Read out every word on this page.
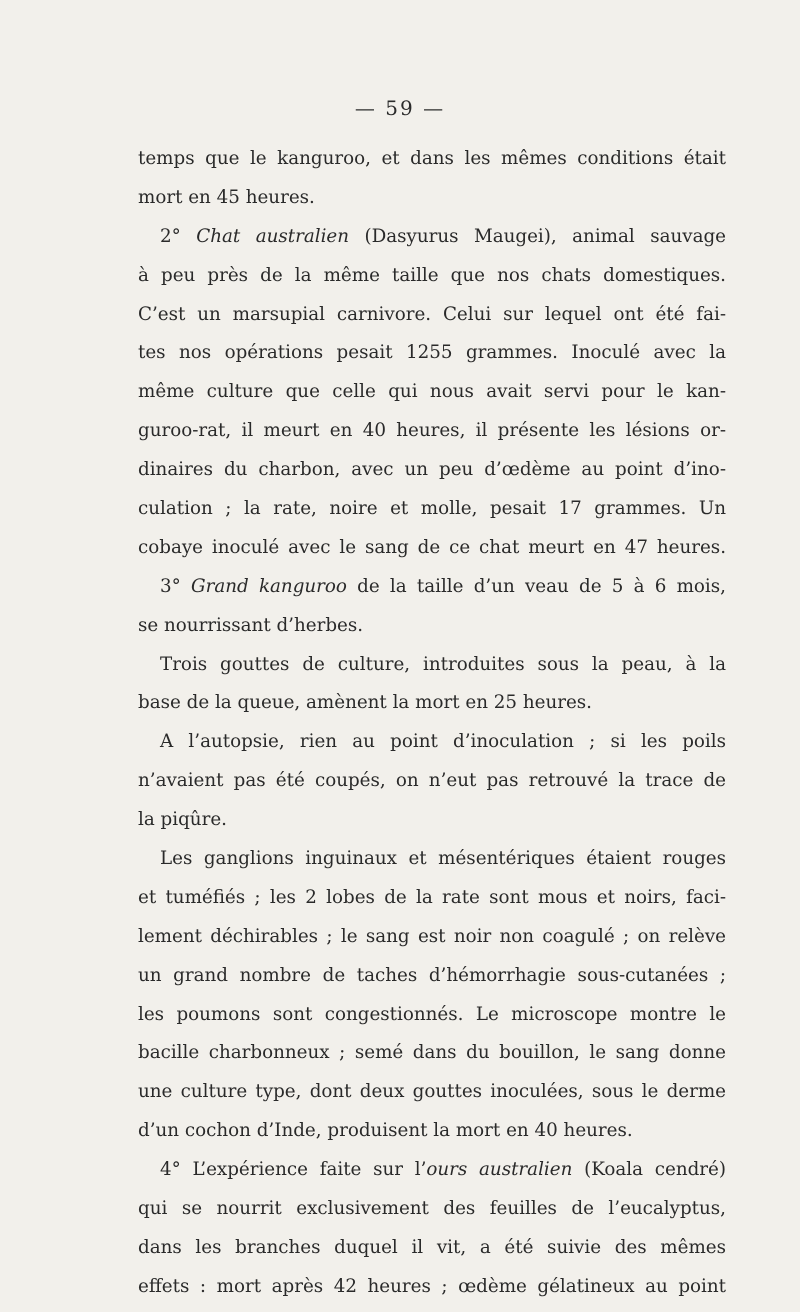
— 59 —
temps que le kanguroo, et dans les mêmes conditions était
mort en 45 heures.
2° Chat australien (Dasyurus Maugei), animal sauvage
à peu près de la même taille que nos chats domestiques.
C’est un marsupial carnivore. Celui sur lequel ont été fai-
tes nos opérations pesait 1255 grammes. Inoculé avec la
même culture que celle qui nous avait servi pour le kan-
guroo-rat, il meurt en 40 heures, il présente les lésions or-
dinaires du charbon, avec un peu d’œdème au point d’ino-
culation ; la rate, noire et molle, pesait 17 grammes. Un
cobaye inoculé avec le sang de ce chat meurt en 47 heures.
3° Grand kanguroo de la taille d’un veau de 5 à 6 mois,
se nourrissant d’herbes.
Trois gouttes de culture, introduites sous la peau, à la
base de la queue, amènent la mort en 25 heures.
A l’autopsie, rien au point d’inoculation ; si les poils
n’avaient pas été coupés, on n’eut pas retrouvé la trace de
la piqûre.
Les ganglions inguinaux et mésentériques étaient rouges
et tuméfiés ; les 2 lobes de la rate sont mous et noirs, faci-
lement déchirables ; le sang est noir non coagulé ; on relève
un grand nombre de taches d’hémorrhagie sous-cutanées ;
les poumons sont congestionnés. Le microscope montre le
bacille charbonneux ; semé dans du bouillon, le sang donne
une culture type, dont deux gouttes inoculées, sous le derme
d’un cochon d’Inde, produisent la mort en 40 heures.
4° L’expérience faite sur l’ours australien (Koala cendré)
qui se nourrit exclusivement des feuilles de l’eucalyptus,
dans les branches duquel il vit, a été suivie des mêmes
effets : mort après 42 heures ; œdème gélatineux au point
